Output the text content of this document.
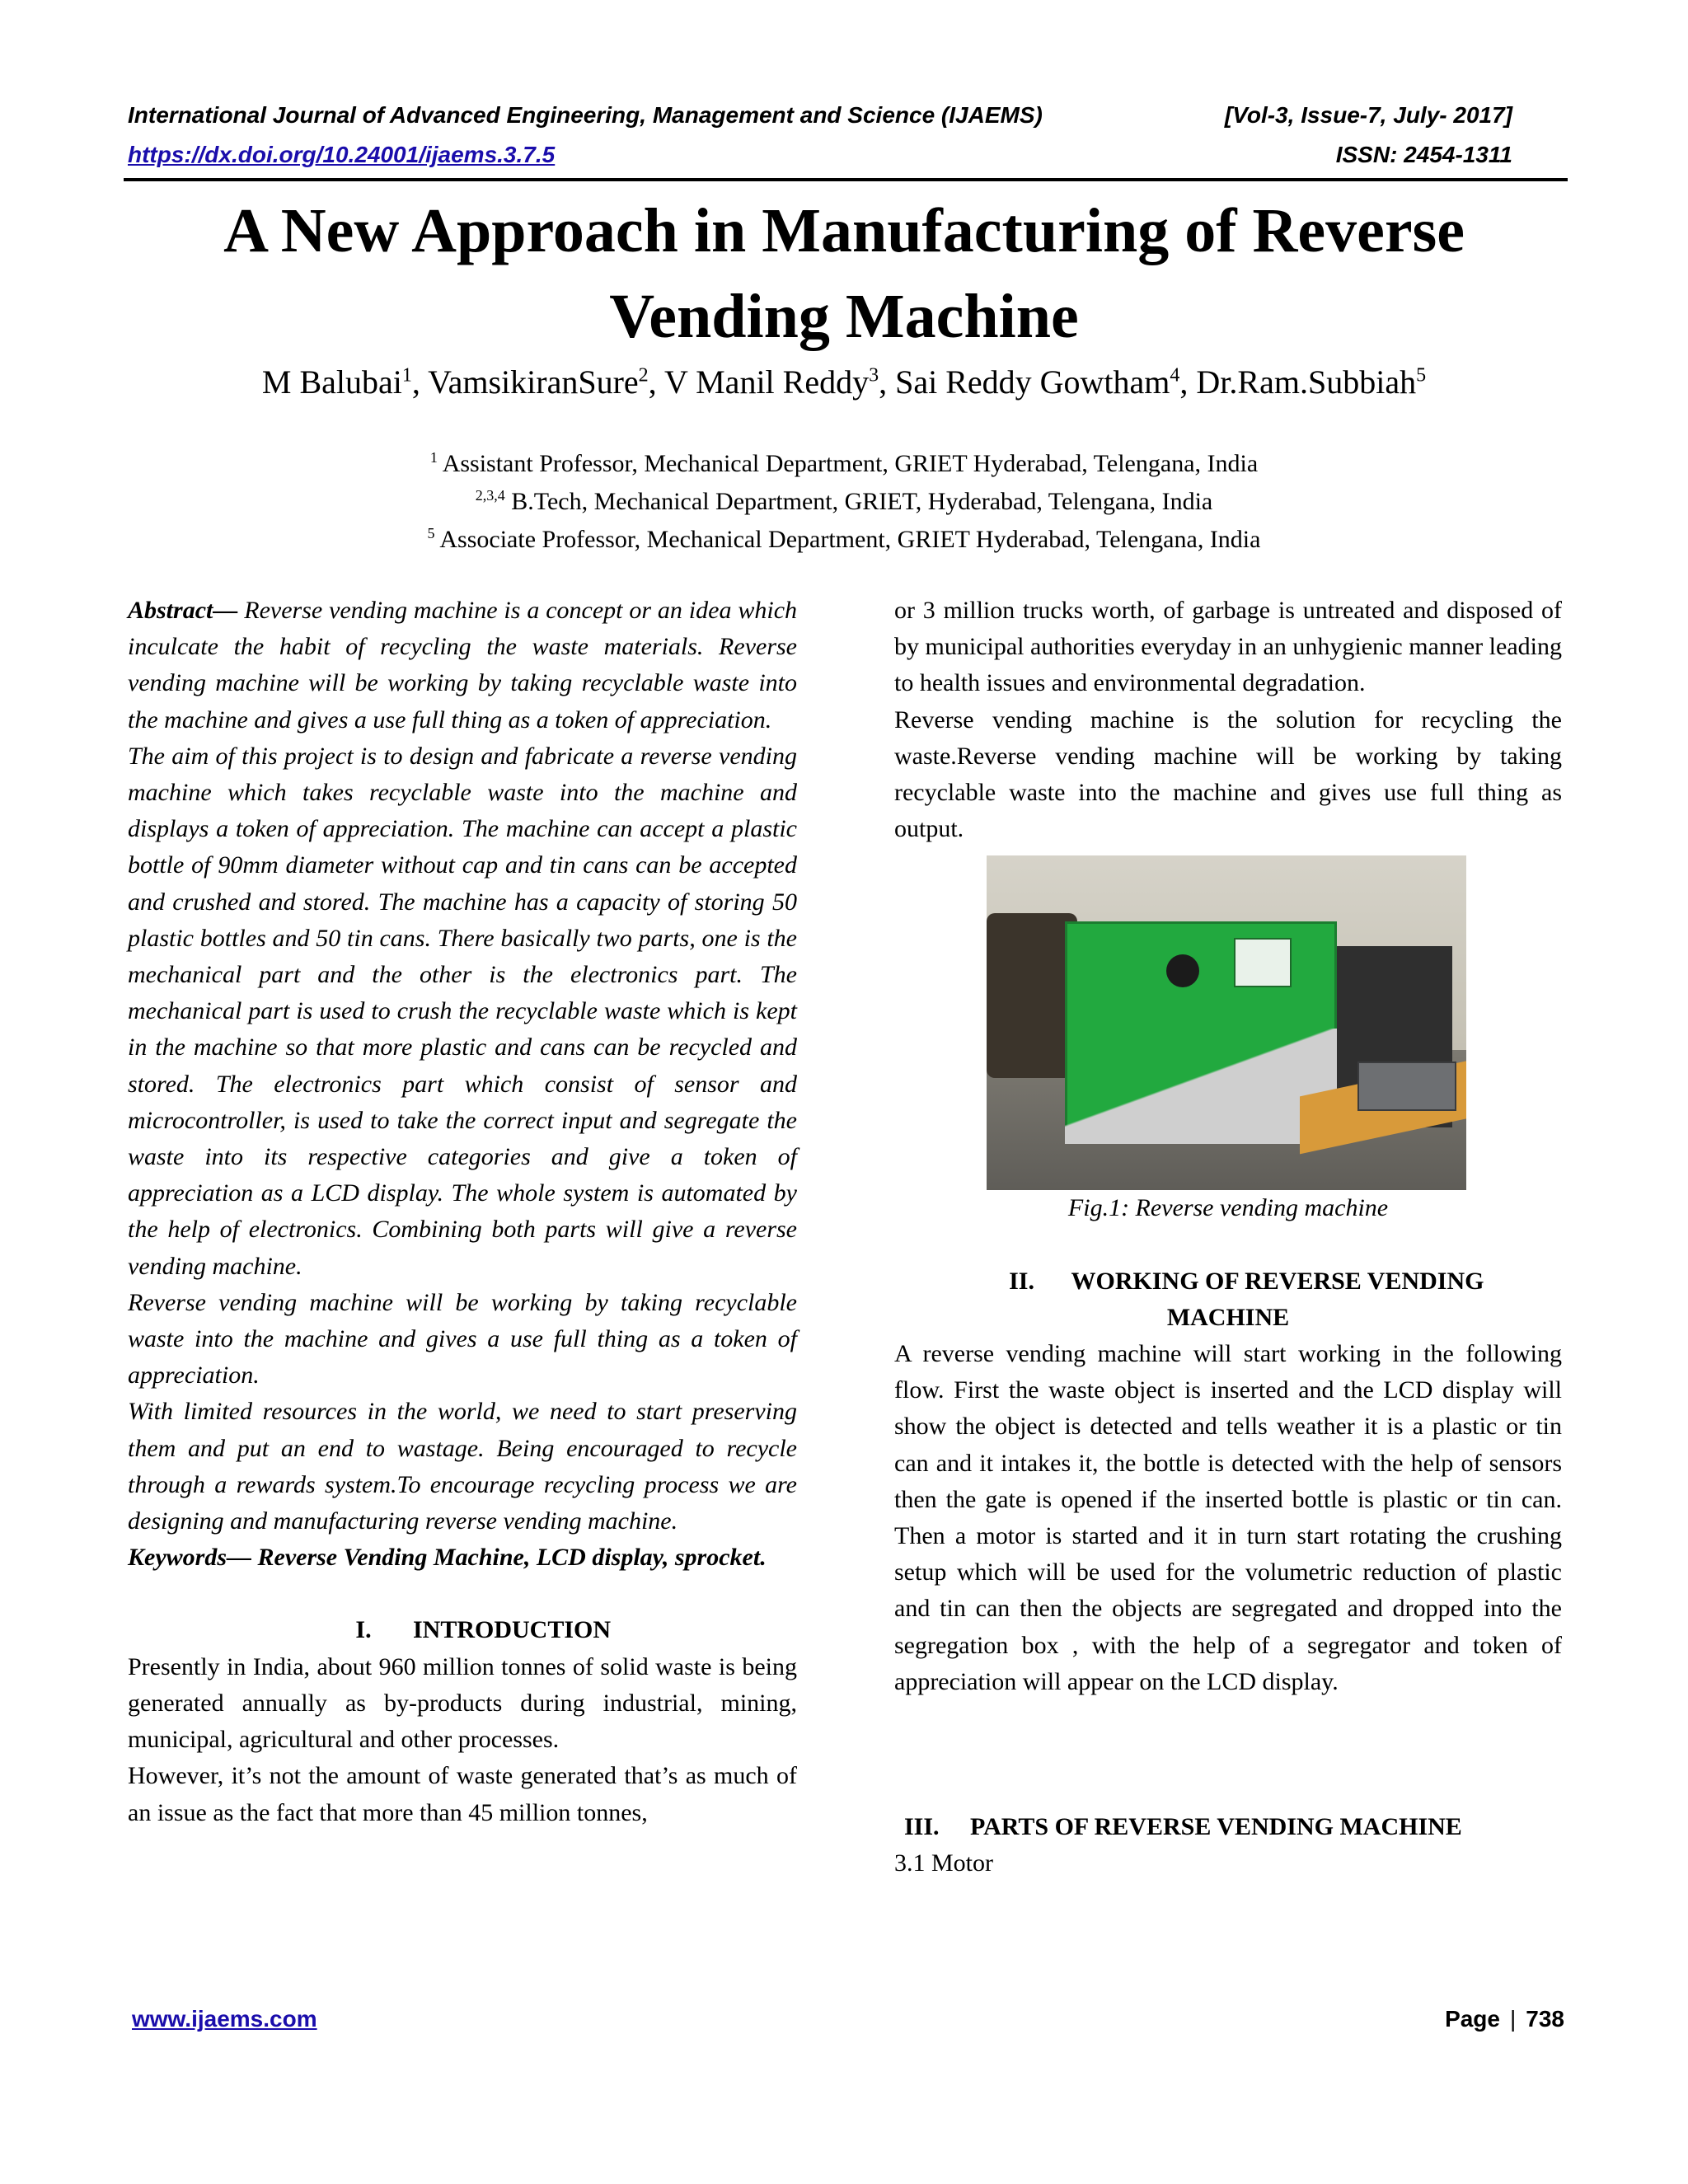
International Journal of Advanced Engineering, Management and Science (IJAEMS)	[Vol-3, Issue-7, July- 2017]
https://dx.doi.org/10.24001/ijaems.3.7.5	ISSN: 2454-1311
A New Approach in Manufacturing of Reverse
Vending Machine
M Balubai$^1$, VamsikiranSure$^2$, V Manil Reddy$^3$, Sai Reddy Gowtham$^4$, Dr.Ram.Subbiah$^5$
$^1$ Assistant Professor, Mechanical Department, GRIET Hyderabad, Telengana, India
$^{2,3,4}$ B.Tech, Mechanical Department, GRIET, Hyderabad, Telengana, India
$^5$ Associate Professor, Mechanical Department, GRIET Hyderabad, Telengana, India

Abstract— Reverse vending machine is a concept or an idea which inculcate the habit of recycling the waste materials. Reverse vending machine will be working by taking recyclable waste into the machine and gives a use full thing as a token of appreciation.

The aim of this project is to design and fabricate a reverse vending machine which takes recyclable waste into the machine and displays a token of appreciation. The machine can accept a plastic bottle of 90mm diameter without cap and tin cans can be accepted and crushed and stored. The machine has a capacity of storing 50 plastic bottles and 50 tin cans. There basically two parts, one is the mechanical part and the other is the electronics part. The mechanical part is used to crush the recyclable waste which is kept in the machine so that more plastic and cans can be recycled and stored. The electronics part which consist of sensor and microcontroller, is used to take the correct input and segregate the waste into its respective categories and give a token of appreciation as a LCD display. The whole system is automated by the help of electronics. Combining both parts will give a reverse vending machine.

Reverse vending machine will be working by taking recyclable waste into the machine and gives a use full thing as a token of appreciation.

With limited resources in the world, we need to start preserving them and put an end to wastage. Being encouraged to recycle through a rewards system.To encourage recycling process we are designing and manufacturing reverse vending machine.

Keywords— Reverse Vending Machine, LCD display, sprocket.

I. INTRODUCTION

Presently in India, about 960 million tonnes of solid waste is being generated annually as by-products during industrial, mining, municipal, agricultural and other processes.

However, it’s not the amount of waste generated that’s as much of an issue as the fact that more than 45 million tonnes,

or 3 million trucks worth, of garbage is untreated and disposed of by municipal authorities everyday in an unhygienic manner leading to health issues and environmental degradation.

Reverse vending machine is the solution for recycling the waste.Reverse vending machine will be working by taking recyclable waste into the machine and gives use full thing as output.

Fig.1: Reverse vending machine

II. WORKING OF REVERSE VENDING

MACHINE

A reverse vending machine will start working in the following flow. First the waste object is inserted and the LCD display will show the object is detected and tells weather it is a plastic or tin can and it intakes it, the bottle is detected with the help of sensors then the gate is opened if the inserted bottle is plastic or tin can. Then a motor is started and it in turn start rotating the crushing setup which will be used for the volumetric reduction of plastic and tin can then the objects are segregated and dropped into the segregation box , with the help of a segregator and token of appreciation will appear on the LCD display.

III. PARTS OF REVERSE VENDING MACHINE

3.1 Motor

www.ijaems.com	Page | 738
